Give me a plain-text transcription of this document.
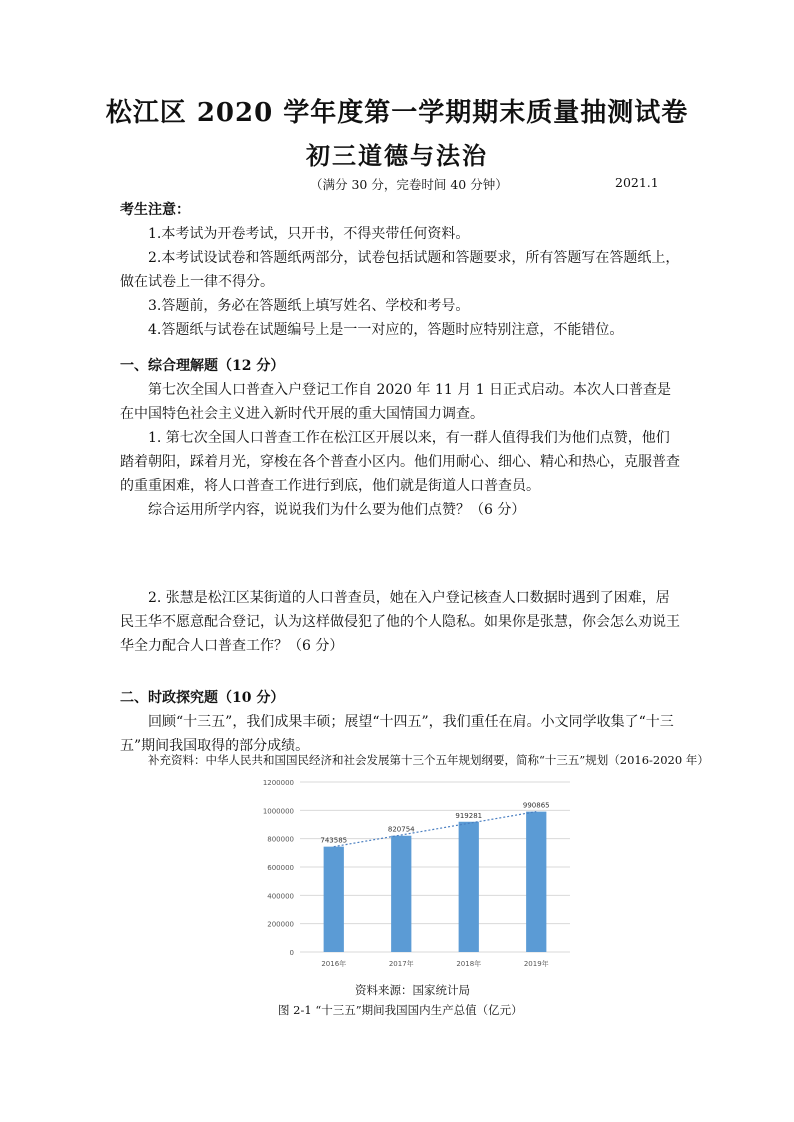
松江区 2020 学年度第一学期期末质量抽测试卷
初三道德与法治
（满分 30 分，完卷时间 40 分钟）	2021.1

考生注意：

1.本考试为开卷考试，只开书，不得夹带任何资料。

2.本考试设试卷和答题纸两部分，试卷包括试题和答题要求，所有答题写在答题纸上，做在试卷上一律不得分。

3.答题前，务必在答题纸上填写姓名、学校和考号。

4.答题纸与试卷在试题编号上是一一对应的，答题时应特别注意，不能错位。

一、综合理解题（12 分）

第七次全国人口普查入户登记工作自 2020 年 11 月 1 日正式启动。本次人口普查是在中国特色社会主义进入新时代开展的重大国情国力调查。

1. 第七次全国人口普查工作在松江区开展以来，有一群人值得我们为他们点赞，他们踏着朝阳，踩着月光，穿梭在各个普查小区内。他们用耐心、细心、精心和热心，克服普查的重重困难，将人口普查工作进行到底，他们就是街道人口普查员。

综合运用所学内容，说说我们为什么要为他们点赞？（6 分）

2. 张慧是松江区某街道的人口普查员，她在入户登记核查人口数据时遇到了困难，居民王华不愿意配合登记，认为这样做侵犯了他的个人隐私。如果你是张慧，你会怎么劝说王华全力配合人口普查工作？（6 分）

二、时政探究题（10 分）

回顾“十三五”，我们成果丰硕；展望“十四五”，我们重任在肩。小文同学收集了“十三五”期间我国取得的部分成绩。

补充资料：中华人民共和国国民经济和社会发展第十三个五年规划纲要，简称“十三五”规划（2016-2020 年）
0
200000
400000
600000
800000
1000000
1200000
743585
2016年
820754
2017年
919281
2018年
990865
2019年
资料来源：国家统计局
图 2-1 “十三五”期间我国国内生产总值（亿元）
